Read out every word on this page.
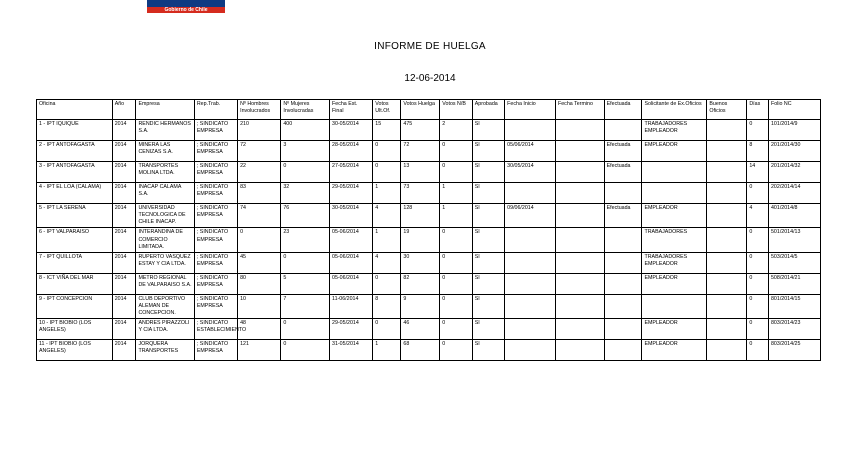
Gobierno de Chile
INFORME DE HUELGA
12-06-2014
Oficina	Año	Empresa	Rep.Trab.	Nº Hombres Involucrados	Nº Mujeres Involucradas	Fecha Est. Final	Votos Ult.Of.	Votos Huelga	Votos N/B	Aprobada	Fecha Inicio	Fecha Termino	Efectuada	Solicitante de Ex.Oficios	Buenos Oficios	Días	Folio NC
1 - IPT IQUIQUE	2014	RENDIC HERMANOS S.A.	; SINDICATO EMPRESA	210	400	30-05/2014	15	475	2	SI				TRABAJADORES EMPLEADOR		0	101/2014/9
2 - IPT ANTOFAGASTA	2014	MINERA LAS CENIZAS S.A.	; SINDICATO EMPRESA	72	3	28-05/2014	0	72	0	SI	05/06/2014		Efectuada	EMPLEADOR		8	201/2014/30
3 - IPT ANTOFAGASTA	2014	TRANSPORTES MOLINA LTDA.	; SINDICATO EMPRESA	22	0	27-05/2014	0	13	0	SI	30/05/2014		Efectuada			14	201/2014/32
4 - IPT EL LOA (CALAMA)	2014	INACAP CALAMA S.A.	; SINDICATO EMPRESA	83	32	29-05/2014	1	73	1	SI						0	202/2014/14
5 - IPT LA SERENA	2014	UNIVERSIDAD TECNOLOGICA DE CHILE INACAP.	; SINDICATO EMPRESA	74	76	30-05/2014	4	128	1	SI	09/06/2014		Efectuada	EMPLEADOR		4	401/2014/8
6 - IPT VALPARAISO	2014	INTERANDINA DE COMERCIO LIMITADA.	; SINDICATO EMPRESA	0	23	05-06/2014	1	19	0	SI				TRABAJADORES		0	501/2014/13
7 - IPT QUILLOTA	2014	RUPERTO VASQUEZ ESTAY Y CIA LTDA.	; SINDICATO EMPRESA	45	0	05-06/2014	4	30	0	SI				TRABAJADORES EMPLEADOR		0	503/2014/5
8 - ICT VIÑA DEL MAR	2014	METRO REGIONAL DE VALPARAISO S.A.	; SINDICATO EMPRESA	80	5	05-06/2014	0	82	0	SI				EMPLEADOR		0	508/2014/21
9 - IPT CONCEPCION	2014	CLUB DEPORTIVO ALEMAN DE CONCEPCION.	; SINDICATO EMPRESA	10	7	11-06/2014	8	9	0	SI						0	801/2014/15
10 - IPT BIOBIO (LOS ANGELES)	2014	ANDRES PIRAZZOLI Y CIA LTDA.	; SINDICATO ESTABLECIMIENTO	48	0	29-05/2014	0	46	0	SI				EMPLEADOR		0	803/2014/23
11 - IPT BIOBIO (LOS ANGELES)	2014	JORQUERA TRANSPORTES	; SINDICATO EMPRESA	121	0	31-05/2014	1	68	0	SI				EMPLEADOR		0	803/2014/25
